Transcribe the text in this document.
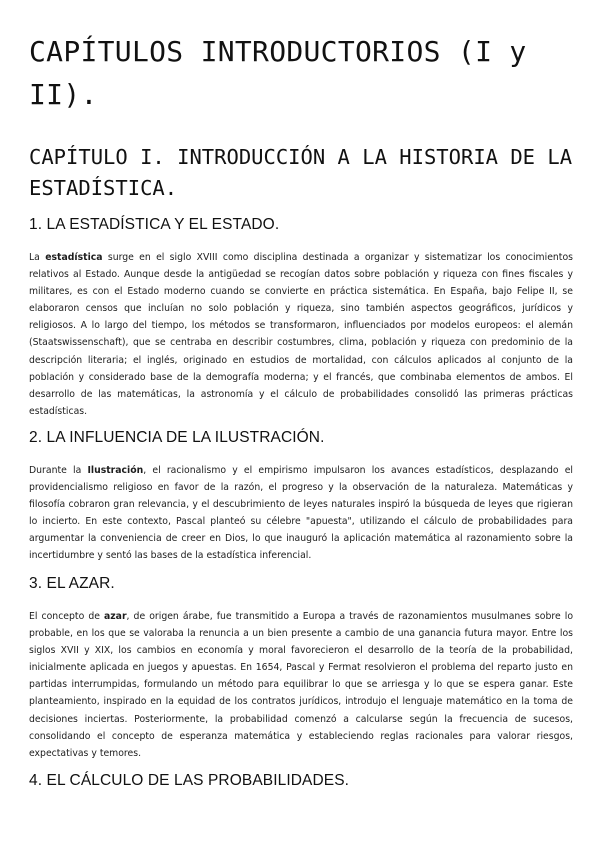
CAPÍTULOS INTRODUCTORIOS (I y II).
CAPÍTULO I. INTRODUCCIÓN A LA HISTORIA DE LA ESTADÍSTICA.
1. LA ESTADÍSTICA Y EL ESTADO.

La estadística surge en el siglo XVIII como disciplina destinada a organizar y sistematizar los conocimientos relativos al Estado. Aunque desde la antigüedad se recogían datos sobre población y riqueza con fines fiscales y militares, es con el Estado moderno cuando se convierte en práctica sistemática. En España, bajo Felipe II, se elaboraron censos que incluían no solo población y riqueza, sino también aspectos geográficos, jurídicos y religiosos. A lo largo del tiempo, los métodos se transformaron, influenciados por modelos europeos: el alemán (Staatswissenschaft), que se centraba en describir costumbres, clima, población y riqueza con predominio de la descripción literaria; el inglés, originado en estudios de mortalidad, con cálculos aplicados al conjunto de la población y considerado base de la demografía moderna; y el francés, que combinaba elementos de ambos. El desarrollo de las matemáticas, la astronomía y el cálculo de probabilidades consolidó las primeras prácticas estadísticas.

2. LA INFLUENCIA DE LA ILUSTRACIÓN.

Durante la Ilustración, el racionalismo y el empirismo impulsaron los avances estadísticos, desplazando el providencialismo religioso en favor de la razón, el progreso y la observación de la naturaleza. Matemáticas y filosofía cobraron gran relevancia, y el descubrimiento de leyes naturales inspiró la búsqueda de leyes que rigieran lo incierto. En este contexto, Pascal planteó su célebre "apuesta", utilizando el cálculo de probabilidades para argumentar la conveniencia de creer en Dios, lo que inauguró la aplicación matemática al razonamiento sobre la incertidumbre y sentó las bases de la estadística inferencial.

3. EL AZAR.

El concepto de azar, de origen árabe, fue transmitido a Europa a través de razonamientos musulmanes sobre lo probable, en los que se valoraba la renuncia a un bien presente a cambio de una ganancia futura mayor. Entre los siglos XVII y XIX, los cambios en economía y moral favorecieron el desarrollo de la teoría de la probabilidad, inicialmente aplicada en juegos y apuestas. En 1654, Pascal y Fermat resolvieron el problema del reparto justo en partidas interrumpidas, formulando un método para equilibrar lo que se arriesga y lo que se espera ganar. Este planteamiento, inspirado en la equidad de los contratos jurídicos, introdujo el lenguaje matemático en la toma de decisiones inciertas. Posteriormente, la probabilidad comenzó a calcularse según la frecuencia de sucesos, consolidando el concepto de esperanza matemática y estableciendo reglas racionales para valorar riesgos, expectativas y temores.

4. EL CÁLCULO DE LAS PROBABILIDADES.
